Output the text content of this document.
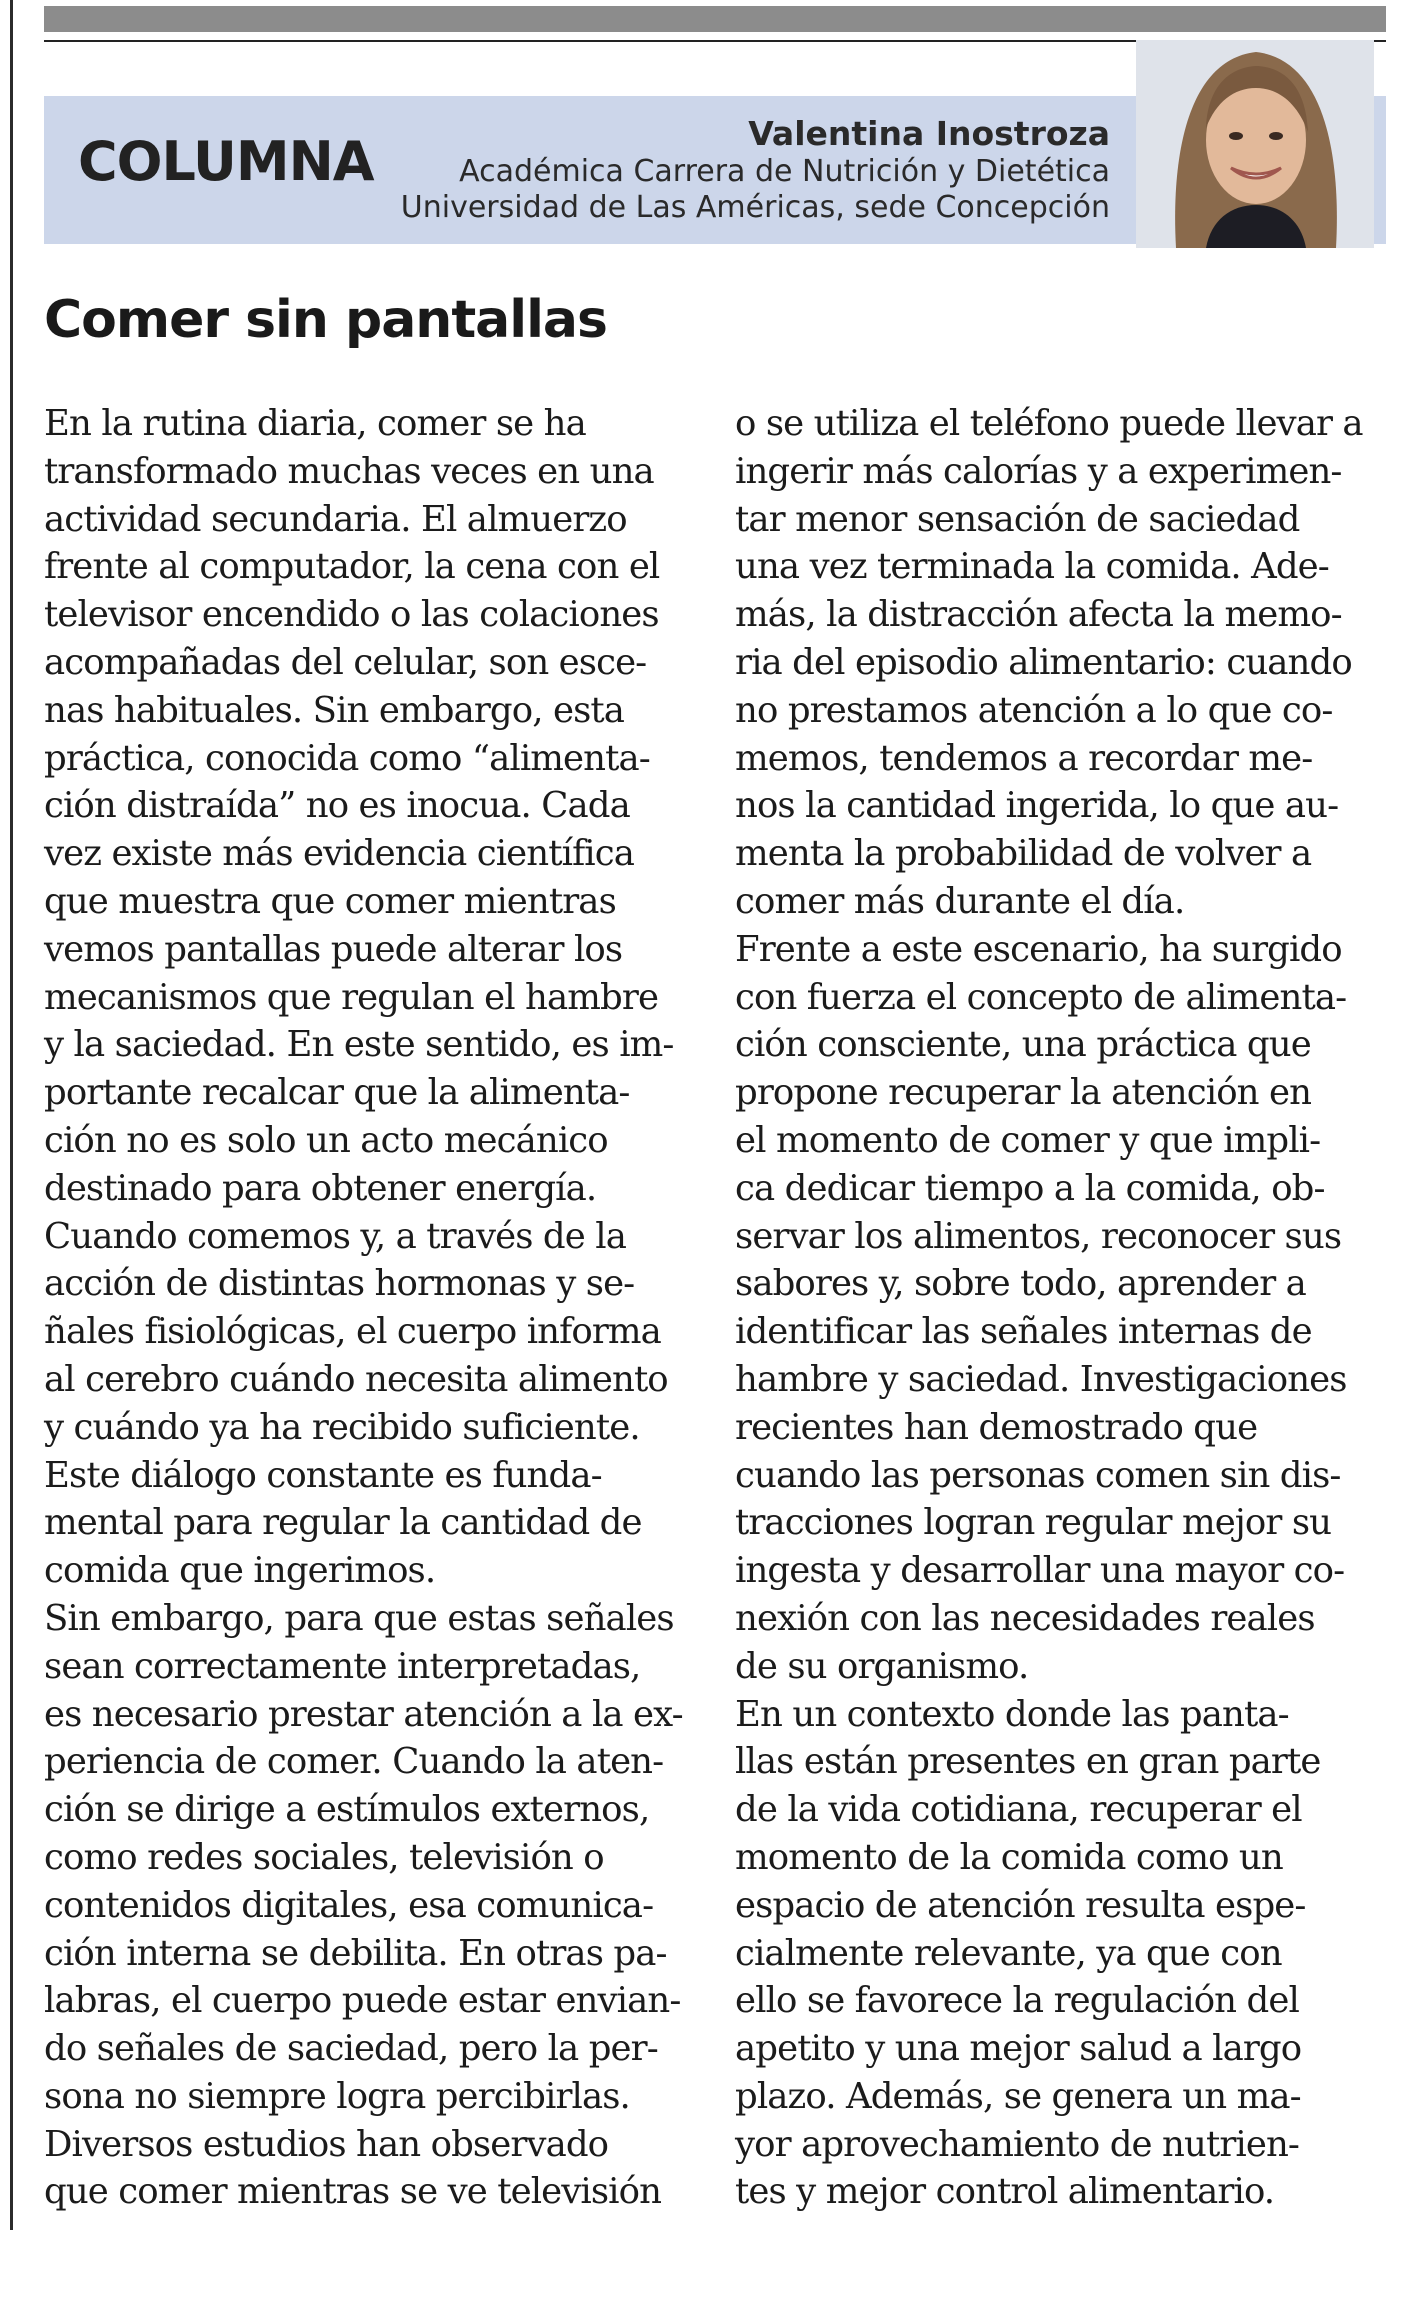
COLUMNA	Valentina Inostroza
Académica Carrera de Nutrición y Dietética
Universidad de Las Américas, sede Concepción
Comer sin pantallas
En la rutina diaria, comer se ha
transformado muchas veces en una
actividad secundaria. El almuerzo
frente al computador, la cena con el
televisor encendido o las colaciones
acompañadas del celular, son esce-
nas habituales. Sin embargo, esta
práctica, conocida como “alimenta-
ción distraída” no es inocua. Cada
vez existe más evidencia científica
que muestra que comer mientras
vemos pantallas puede alterar los
mecanismos que regulan el hambre
y la saciedad. En este sentido, es im-
portante recalcar que la alimenta-
ción no es solo un acto mecánico
destinado para obtener energía.
Cuando comemos y, a través de la
acción de distintas hormonas y se-
ñales fisiológicas, el cuerpo informa
al cerebro cuándo necesita alimento
y cuándo ya ha recibido suficiente.
Este diálogo constante es funda-
mental para regular la cantidad de
comida que ingerimos.
Sin embargo, para que estas señales
sean correctamente interpretadas,
es necesario prestar atención a la ex-
periencia de comer. Cuando la aten-
ción se dirige a estímulos externos,
como redes sociales, televisión o
contenidos digitales, esa comunica-
ción interna se debilita. En otras pa-
labras, el cuerpo puede estar envian-
do señales de saciedad, pero la per-
sona no siempre logra percibirlas.
Diversos estudios han observado
que comer mientras se ve televisión
o se utiliza el teléfono puede llevar a
ingerir más calorías y a experimen-
tar menor sensación de saciedad
una vez terminada la comida. Ade-
más, la distracción afecta la memo-
ria del episodio alimentario: cuando
no prestamos atención a lo que co-
memos, tendemos a recordar me-
nos la cantidad ingerida, lo que au-
menta la probabilidad de volver a
comer más durante el día.
Frente a este escenario, ha surgido
con fuerza el concepto de alimenta-
ción consciente, una práctica que
propone recuperar la atención en
el momento de comer y que impli-
ca dedicar tiempo a la comida, ob-
servar los alimentos, reconocer sus
sabores y, sobre todo, aprender a
identificar las señales internas de
hambre y saciedad. Investigaciones
recientes han demostrado que
cuando las personas comen sin dis-
tracciones logran regular mejor su
ingesta y desarrollar una mayor co-
nexión con las necesidades reales
de su organismo.
En un contexto donde las panta-
llas están presentes en gran parte
de la vida cotidiana, recuperar el
momento de la comida como un
espacio de atención resulta espe-
cialmente relevante, ya que con
ello se favorece la regulación del
apetito y una mejor salud a largo
plazo. Además, se genera un ma-
yor aprovechamiento de nutrien-
tes y mejor control alimentario.
